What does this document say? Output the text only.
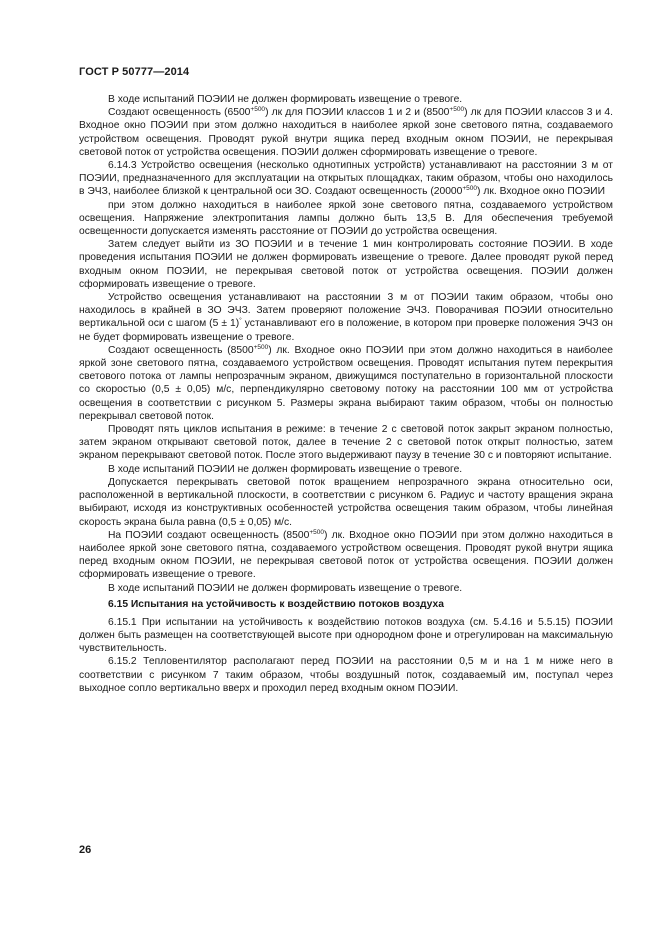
ГОСТ Р 50777—2014

В ходе испытаний ПОЭИИ не должен формировать извещение о тревоге.

Создают освещенность $(6500^{+500})$ лк для ПОЭИИ классов 1 и 2 и $(8500^{+500})$ лк для ПОЭИИ классов 3 и 4. Входное окно ПОЭИИ при этом должно находиться в наиболее яркой зоне светового пятна, создаваемого устройством освещения. Проводят рукой внутри ящика перед входным окном ПОЭИИ, не перекрывая световой поток от устройства освещения. ПОЭИИ должен сформировать извещение о тревоге.

6.14.3 Устройство освещения (несколько однотипных устройств) устанавливают на расстоянии 3 м от ПОЭИИ, предназначенного для эксплуатации на открытых площадках, таким образом, чтобы оно находилось в ЭЧЗ, наиболее близкой к центральной оси ЗО. Создают освещенность $(20000^{+500})$ лк. Входное окно ПОЭИИ

при этом должно находиться в наиболее яркой зоне светового пятна, создаваемого устройством освещения. Напряжение электропитания лампы должно быть 13,5 В. Для обеспечения требуемой освещенности допускается изменять расстояние от ПОЭИИ до устройства освещения.

Затем следует выйти из ЗО ПОЭИИ и в течение 1 мин контролировать состояние ПОЭИИ. В ходе проведения испытания ПОЭИИ не должен формировать извещение о тревоге. Далее проводят рукой перед входным окном ПОЭИИ, не перекрывая световой поток от устройства освещения. ПОЭИИ должен сформировать извещение о тревоге.

Устройство освещения устанавливают на расстоянии 3 м от ПОЭИИ таким образом, чтобы оно находилось в крайней в ЗО ЭЧЗ. Затем проверяют положение ЭЧЗ. Поворачивая ПОЭИИ относительно вертикальной оси с шагом (5 ± 1)° устанавливают его в положение, в котором при проверке положения ЭЧЗ он не будет формировать извещение о тревоге.

Создают освещенность $(8500^{+500})$ лк. Входное окно ПОЭИИ при этом должно находиться в наиболее яркой зоне светового пятна, создаваемого устройством освещения. Проводят испытания путем перекрытия светового потока от лампы непрозрачным экраном, движущимся поступательно в горизонтальной плоскости со скоростью (0,5 ± 0,05) м/с, перпендикулярно световому потоку на расстоянии 100 мм от устройства освещения в соответствии с рисунком 5. Размеры экрана выбирают таким образом, чтобы он полностью перекрывал световой поток.

Проводят пять циклов испытания в режиме: в течение 2 с световой поток закрыт экраном полностью, затем экраном открывают световой поток, далее в течение 2 с световой поток открыт полностью, затем экраном перекрывают световой поток. После этого выдерживают паузу в течение 30 с и повторяют испытание.

В ходе испытаний ПОЭИИ не должен формировать извещение о тревоге.

Допускается перекрывать световой поток вращением непрозрачного экрана относительно оси, расположенной в вертикальной плоскости, в соответствии с рисунком 6. Радиус и частоту вращения экрана выбирают, исходя из конструктивных особенностей устройства освещения таким образом, чтобы линейная скорость экрана была равна (0,5 ± 0,05) м/с.

На ПОЭИИ создают освещенность $(8500^{+500})$ лк. Входное окно ПОЭИИ при этом должно находиться в наиболее яркой зоне светового пятна, создаваемого устройством освещения. Проводят рукой внутри ящика перед входным окном ПОЭИИ, не перекрывая световой поток от устройства освещения. ПОЭИИ должен сформировать извещение о тревоге.

В ходе испытаний ПОЭИИ не должен формировать извещение о тревоге.

6.15 Испытания на устойчивость к воздействию потоков воздуха

6.15.1 При испытании на устойчивость к воздействию потоков воздуха (см. 5.4.16 и 5.5.15) ПОЭИИ должен быть размещен на соответствующей высоте при однородном фоне и отрегулирован на максимальную чувствительность.

6.15.2 Тепловентилятор располагают перед ПОЭИИ на расстоянии 0,5 м и на 1 м ниже него в соответствии с рисунком 7 таким образом, чтобы воздушный поток, создаваемый им, поступал через выходное сопло вертикально вверх и проходил перед входным окном ПОЭИИ.

26
